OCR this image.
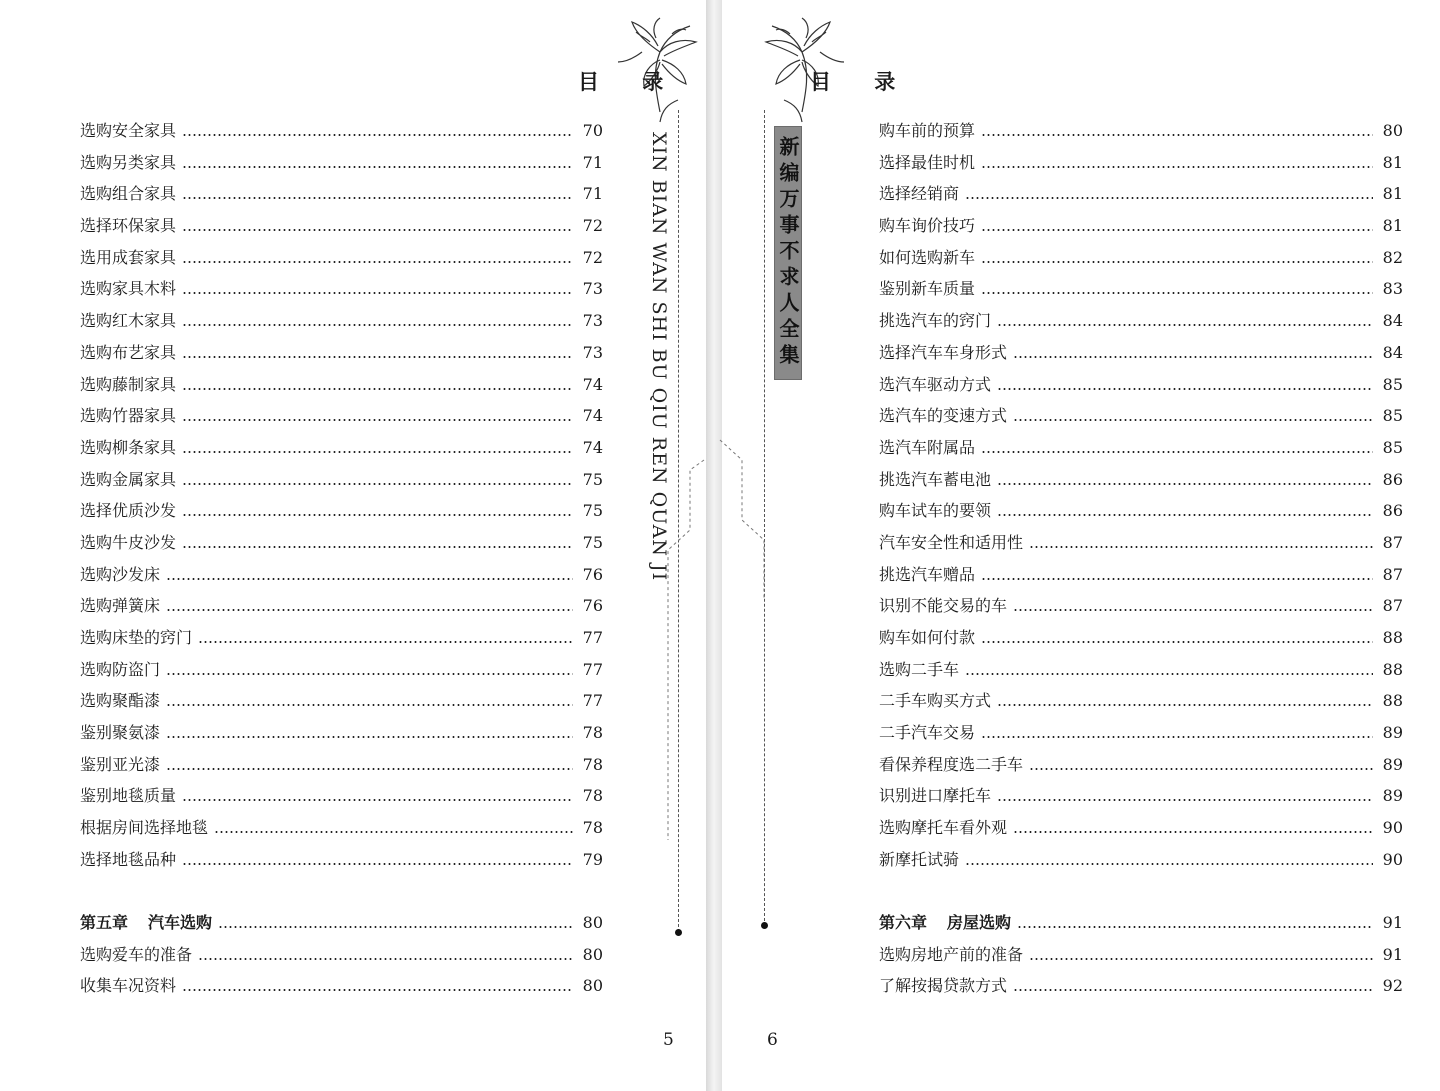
目 录
选购安全家具	70
选购另类家具	71
选购组合家具	71
选择环保家具	72
选用成套家具	72
选购家具木料	73
选购红木家具	73
选购布艺家具	73
选购藤制家具	74
选购竹器家具	74
选购柳条家具	74
选购金属家具	75
选择优质沙发	75
选购牛皮沙发	75
选购沙发床	76
选购弹簧床	76
选购床垫的窍门	77
选购防盗门	77
选购聚酯漆	77
鉴别聚氨漆	78
鉴别亚光漆	78
鉴别地毯质量	78
根据房间选择地毯	78
选择地毯品种	79
第五章 汽车选购	80
选购爱车的准备	80
收集车况资料	80
XIN BIAN WAN SHI BU QIU REN QUAN JI
5
目 录
新编万事不求人全集
购车前的预算	80
选择最佳时机	81
选择经销商	81
购车询价技巧	81
如何选购新车	82
鉴别新车质量	83
挑选汽车的窍门	84
选择汽车车身形式	84
选汽车驱动方式	85
选汽车的变速方式	85
选汽车附属品	85
挑选汽车蓄电池	86
购车试车的要领	86
汽车安全性和适用性	87
挑选汽车赠品	87
识别不能交易的车	87
购车如何付款	88
选购二手车	88
二手车购买方式	88
二手汽车交易	89
看保养程度选二手车	89
识别进口摩托车	89
选购摩托车看外观	90
新摩托试骑	90
第六章 房屋选购	91
选购房地产前的准备	91
了解按揭贷款方式	92
6
